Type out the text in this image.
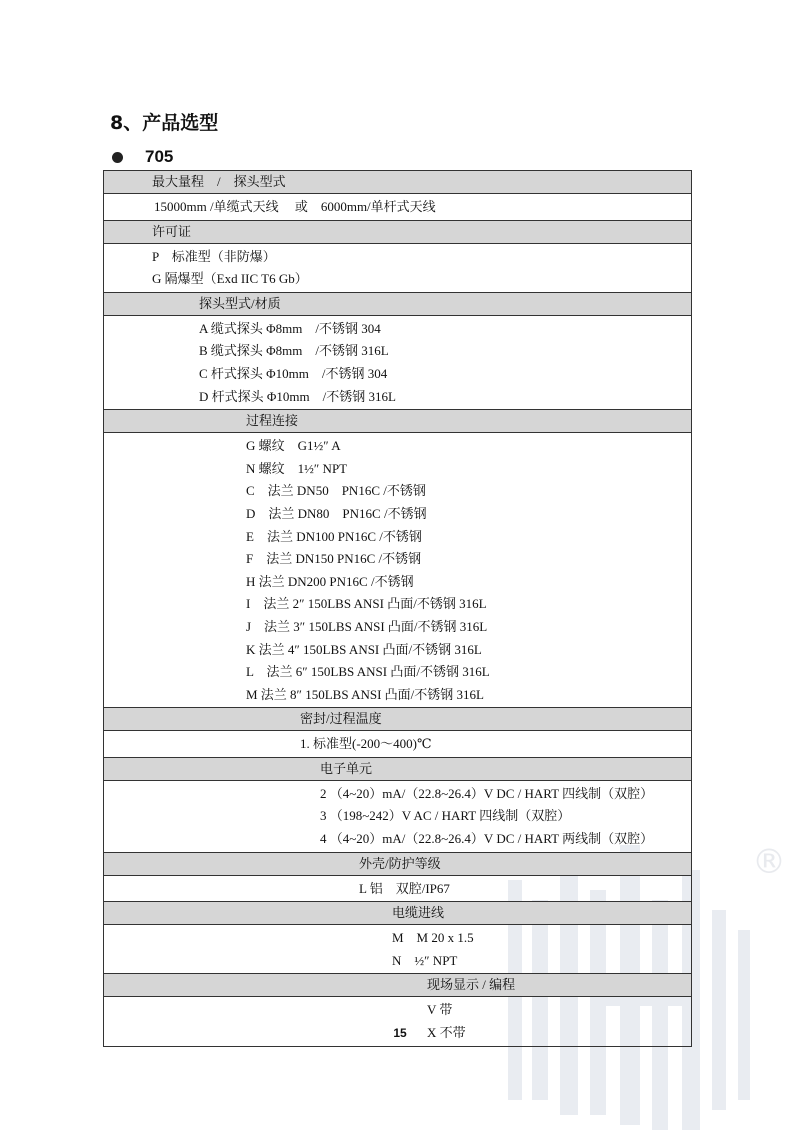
®
8、产品选型
705
最大量程　/　探头型式
15000mm /单缆式天线　 或　6000mm/单杆式天线
许可证
P　标准型（非防爆）
G 隔爆型（Exd IIC T6 Gb）
探头型式/材质
A 缆式探头 Φ8mm　/不锈钢 304
B 缆式探头 Φ8mm　/不锈钢 316L
C 杆式探头 Φ10mm　/不锈钢 304
D 杆式探头 Φ10mm　/不锈钢 316L
过程连接
G 螺纹　G1½″ A
N 螺纹　1½″ NPT
C　法兰 DN50　PN16C /不锈钢
D　法兰 DN80　PN16C /不锈钢
E　法兰 DN100 PN16C /不锈钢
F　法兰 DN150 PN16C /不锈钢
H 法兰 DN200 PN16C /不锈钢
I　法兰 2″ 150LBS ANSI 凸面/不锈钢 316L
J　法兰 3″ 150LBS ANSI 凸面/不锈钢 316L
K 法兰 4″ 150LBS ANSI 凸面/不锈钢 316L
L　法兰 6″ 150LBS ANSI 凸面/不锈钢 316L
M 法兰 8″ 150LBS ANSI 凸面/不锈钢 316L
密封/过程温度
1. 标准型(-200～400)℃
电子单元
2 （4~20）mA/（22.8~26.4）V DC / HART 四线制（双腔）
3 （198~242）V AC / HART 四线制（双腔）
4 （4~20）mA/（22.8~26.4）V DC / HART 两线制（双腔）
外壳/防护等级
L 铝　双腔/IP67
电缆进线
M　M 20 x 1.5
N　½″ NPT
现场显示 / 编程
V 带
X 不带
15
